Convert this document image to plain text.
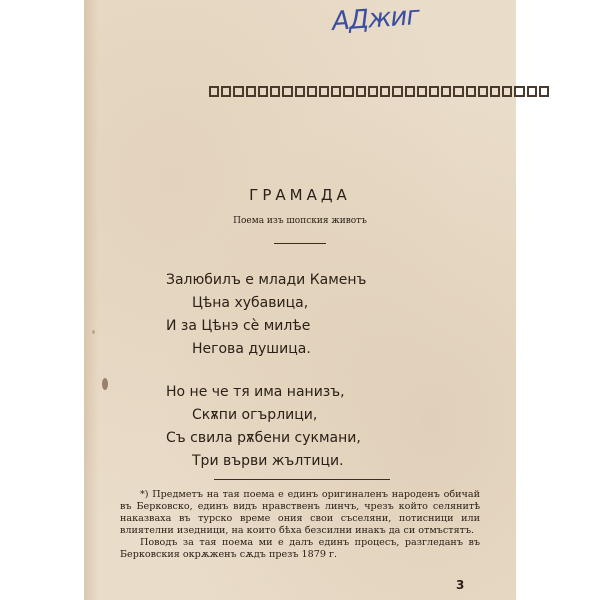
AДжиг
ГРАМАДА

Поема изъ шопския животъ

Залюбилъ е млади Каменъ
Цѣна хубавица,
И за Цѣнэ сѐ милѣе
Негова душица.
Но не че тя има нанизъ,
Скѫпи огърлици,
Съ свила рѫбени сукмани,
Три върви жълтици.

*) Предметъ на тая поема е единъ оригиналенъ народенъ обичай въ Берковско, единъ видъ нравственъ линчъ, чрезъ който селянитѣ наказваха въ турско време ония свои съселяни, потисници или влиятелни изедници, на които бѣха безсилни инакъ да си отмъстятъ.

Поводъ за тая поема ми е далъ единъ процесъ, разгледанъ въ Берковския окрѫженъ сѫдъ презъ 1879 г.

3
